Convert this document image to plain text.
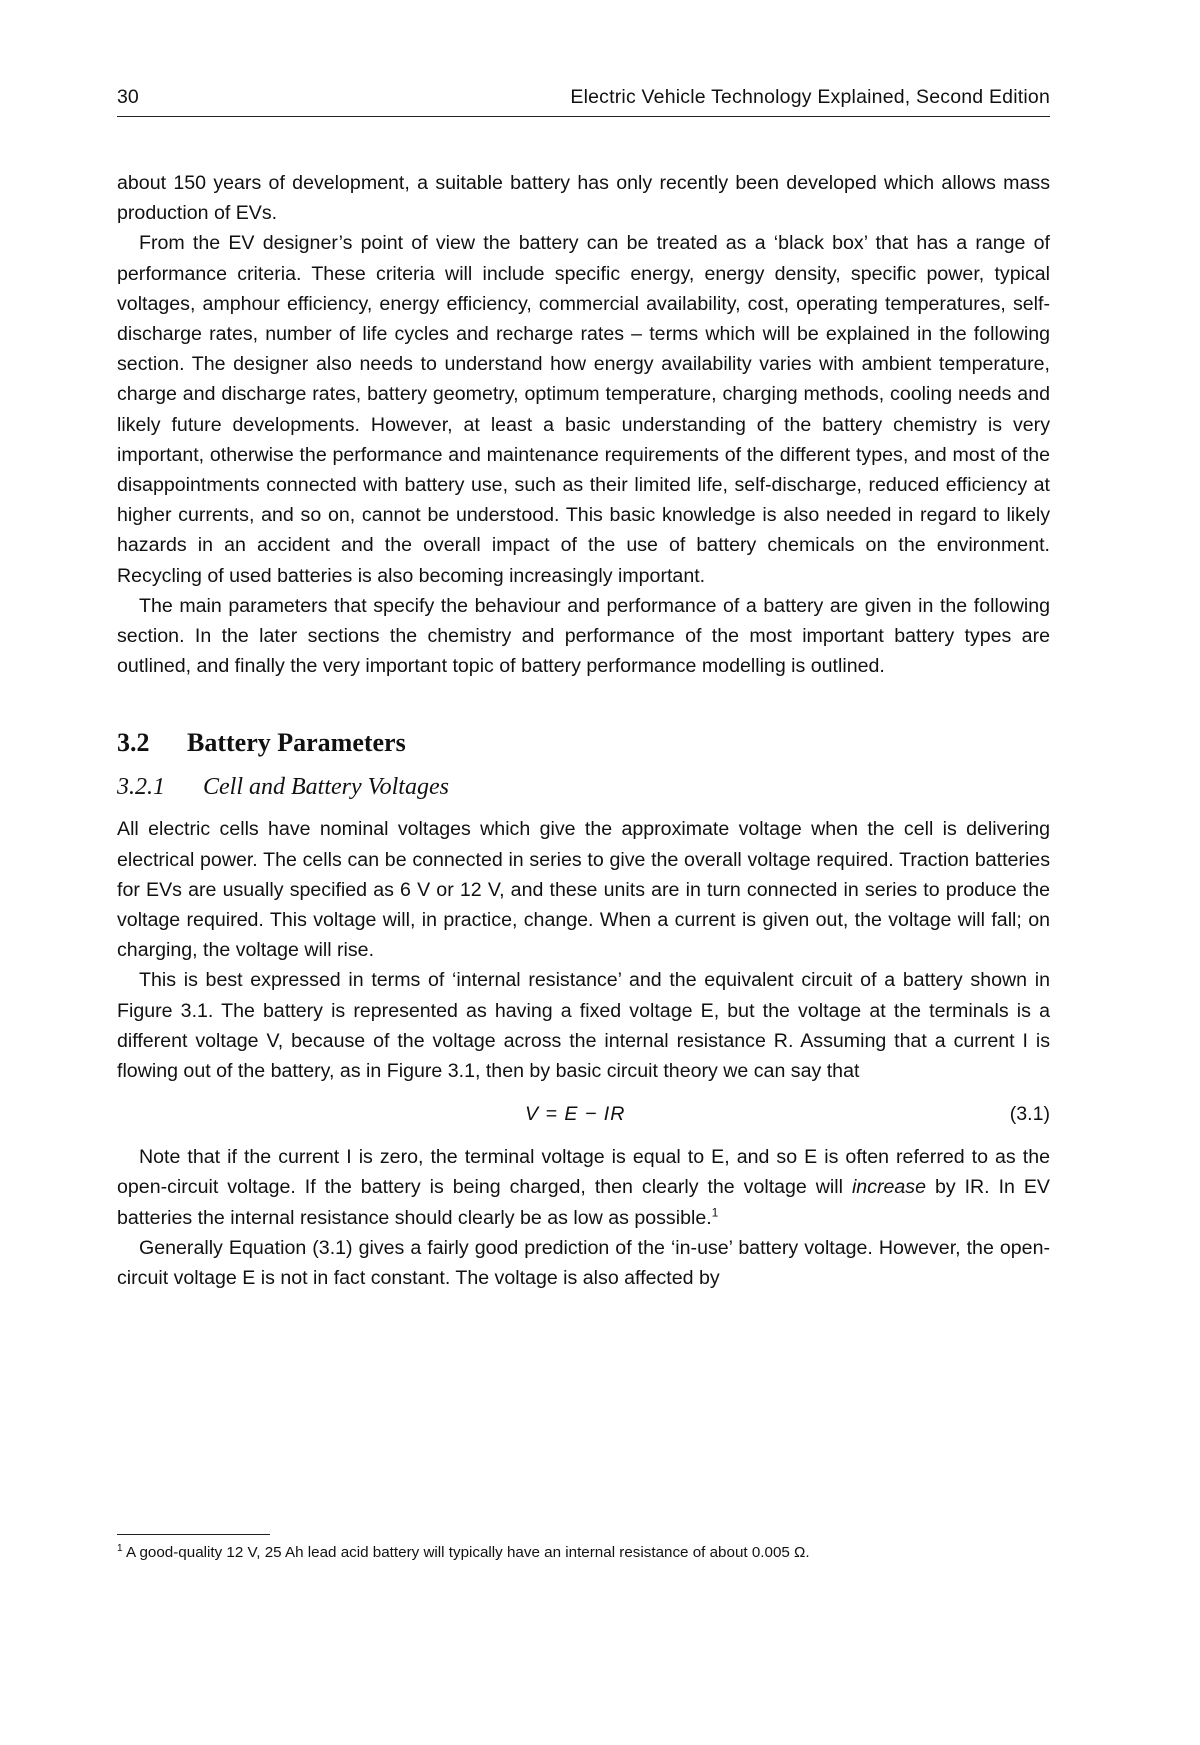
30	Electric Vehicle Technology Explained, Second Edition

about 150 years of development, a suitable battery has only recently been developed which allows mass production of EVs.

From the EV designer’s point of view the battery can be treated as a ‘black box’ that has a range of performance criteria. These criteria will include specific energy, energy density, specific power, typical voltages, amphour efficiency, energy efficiency, commercial availability, cost, operating temperatures, self-discharge rates, number of life cycles and recharge rates – terms which will be explained in the following section. The designer also needs to understand how energy availability varies with ambient temperature, charge and discharge rates, battery geometry, optimum temperature, charging methods, cooling needs and likely future developments. However, at least a basic understanding of the battery chemistry is very important, otherwise the performance and maintenance requirements of the different types, and most of the disappointments connected with battery use, such as their limited life, self-discharge, reduced efficiency at higher currents, and so on, cannot be understood. This basic knowledge is also needed in regard to likely hazards in an accident and the overall impact of the use of battery chemicals on the environment. Recycling of used batteries is also becoming increasingly important.

The main parameters that specify the behaviour and performance of a battery are given in the following section. In the later sections the chemistry and performance of the most important battery types are outlined, and finally the very important topic of battery performance modelling is outlined.

3.2 Battery Parameters
3.2.1 Cell and Battery Voltages

All electric cells have nominal voltages which give the approximate voltage when the cell is delivering electrical power. The cells can be connected in series to give the overall voltage required. Traction batteries for EVs are usually specified as 6 V or 12 V, and these units are in turn connected in series to produce the voltage required. This voltage will, in practice, change. When a current is given out, the voltage will fall; on charging, the voltage will rise.

This is best expressed in terms of ‘internal resistance’ and the equivalent circuit of a battery shown in Figure 3.1. The battery is represented as having a fixed voltage E, but the voltage at the terminals is a different voltage V, because of the voltage across the internal resistance R. Assuming that a current I is flowing out of the battery, as in Figure 3.1, then by basic circuit theory we can say that

V = E − IR	(3.1)

Note that if the current I is zero, the terminal voltage is equal to E, and so E is often referred to as the open-circuit voltage. If the battery is being charged, then clearly the voltage will increase by IR. In EV batteries the internal resistance should clearly be as low as possible.$^1$

Generally Equation (3.1) gives a fairly good prediction of the ‘in-use’ battery voltage. However, the open-circuit voltage E is not in fact constant. The voltage is also affected by

$^1$ A good-quality 12 V, 25 Ah lead acid battery will typically have an internal resistance of about 0.005 Ω.
